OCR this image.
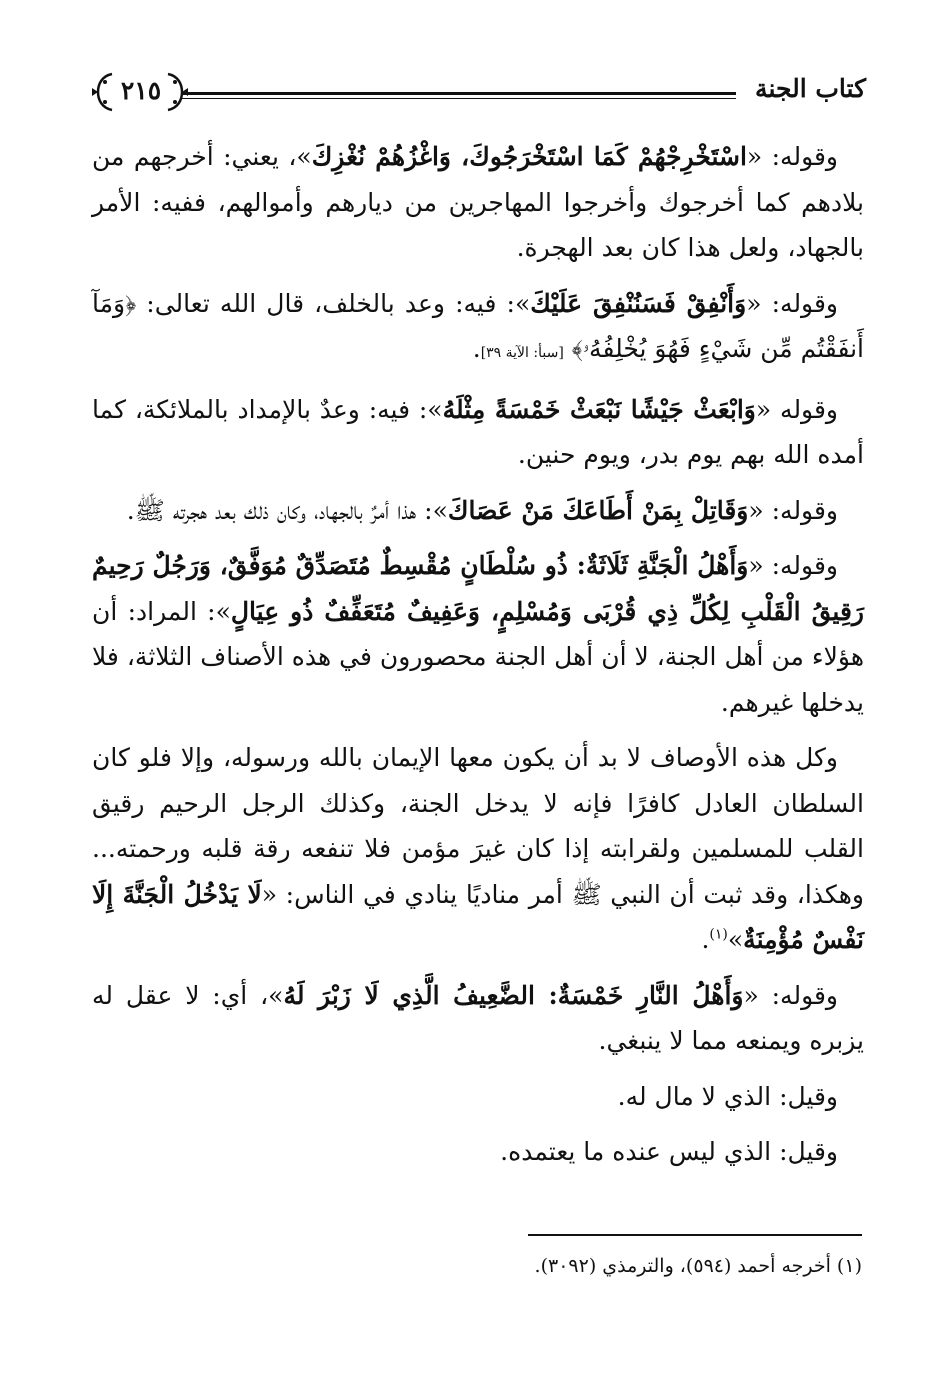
٢١٥	كتاب الجنة

وقوله: «اسْتَخْرِجْهُمْ كَمَا اسْتَخْرَجُوكَ، وَاغْزُهُمْ نُغْزِكَ»، يعني: أخرجهم من بلادهم كما أخرجوك وأخرجوا المهاجرين من ديارهم وأموالهم، ففيه: الأمر بالجهاد، ولعل هذا كان بعد الهجرة.

وقوله: «وَأَنْفِقْ فَسَنُنْفِقَ عَلَيْكَ»: فيه: وعد بالخلف، قال الله تعالى: ﴿وَمَآ أَنفَقْتُم مِّن شَيْءٍ فَهُوَ يُخْلِفُهُۥ﴾ [سبأ: الآية ٣٩].

وقوله «وَابْعَثْ جَيْشًا نَبْعَثْ خَمْسَةً مِثْلَهُ»: فيه: وعدٌ بالإمداد بالملائكة، كما أمده الله بهم يوم بدر، ويوم حنين.

وقوله: «وَقَاتِلْ بِمَنْ أَطَاعَكَ مَنْ عَصَاكَ»: هذا أمرٌ بالجهاد، وكان ذلك بعد هجرته ﷺ.

وقوله: «وَأَهْلُ الْجَنَّةِ ثَلَاثَةٌ: ذُو سُلْطَانٍ مُقْسِطٌ مُتَصَدِّقٌ مُوَفَّقٌ، وَرَجُلٌ رَحِيمٌ رَقِيقُ الْقَلْبِ لِكُلِّ ذِي قُرْبَى وَمُسْلِمٍ، وَعَفِيفٌ مُتَعَفِّفٌ ذُو عِيَالٍ»: المراد: أن هؤلاء من أهل الجنة، لا أن أهل الجنة محصورون في هذه الأصناف الثلاثة، فلا يدخلها غيرهم.

وكل هذه الأوصاف لا بد أن يكون معها الإيمان بالله ورسوله، وإلا فلو كان السلطان العادل كافرًا فإنه لا يدخل الجنة، وكذلك الرجل الرحيم رقيق القلب للمسلمين ولقرابته إذا كان غيرَ مؤمن فلا تنفعه رقة قلبه ورحمته... وهكذا، وقد ثبت أن النبي ﷺ أمر مناديًا ينادي في الناس: «لَا يَدْخُلُ الْجَنَّةَ إِلَا نَفْسٌ مُؤْمِنَةٌ»$^{(١)}$.

وقوله: «وَأَهْلُ النَّارِ خَمْسَةٌ: الضَّعِيفُ الَّذِي لَا زَبْرَ لَهُ»، أي: لا عقل له يزبره ويمنعه مما لا ينبغي.

وقيل: الذي لا مال له.

وقيل: الذي ليس عنده ما يعتمده.

(١) أخرجه أحمد (٥٩٤)، والترمذي (٣٠٩٢).
